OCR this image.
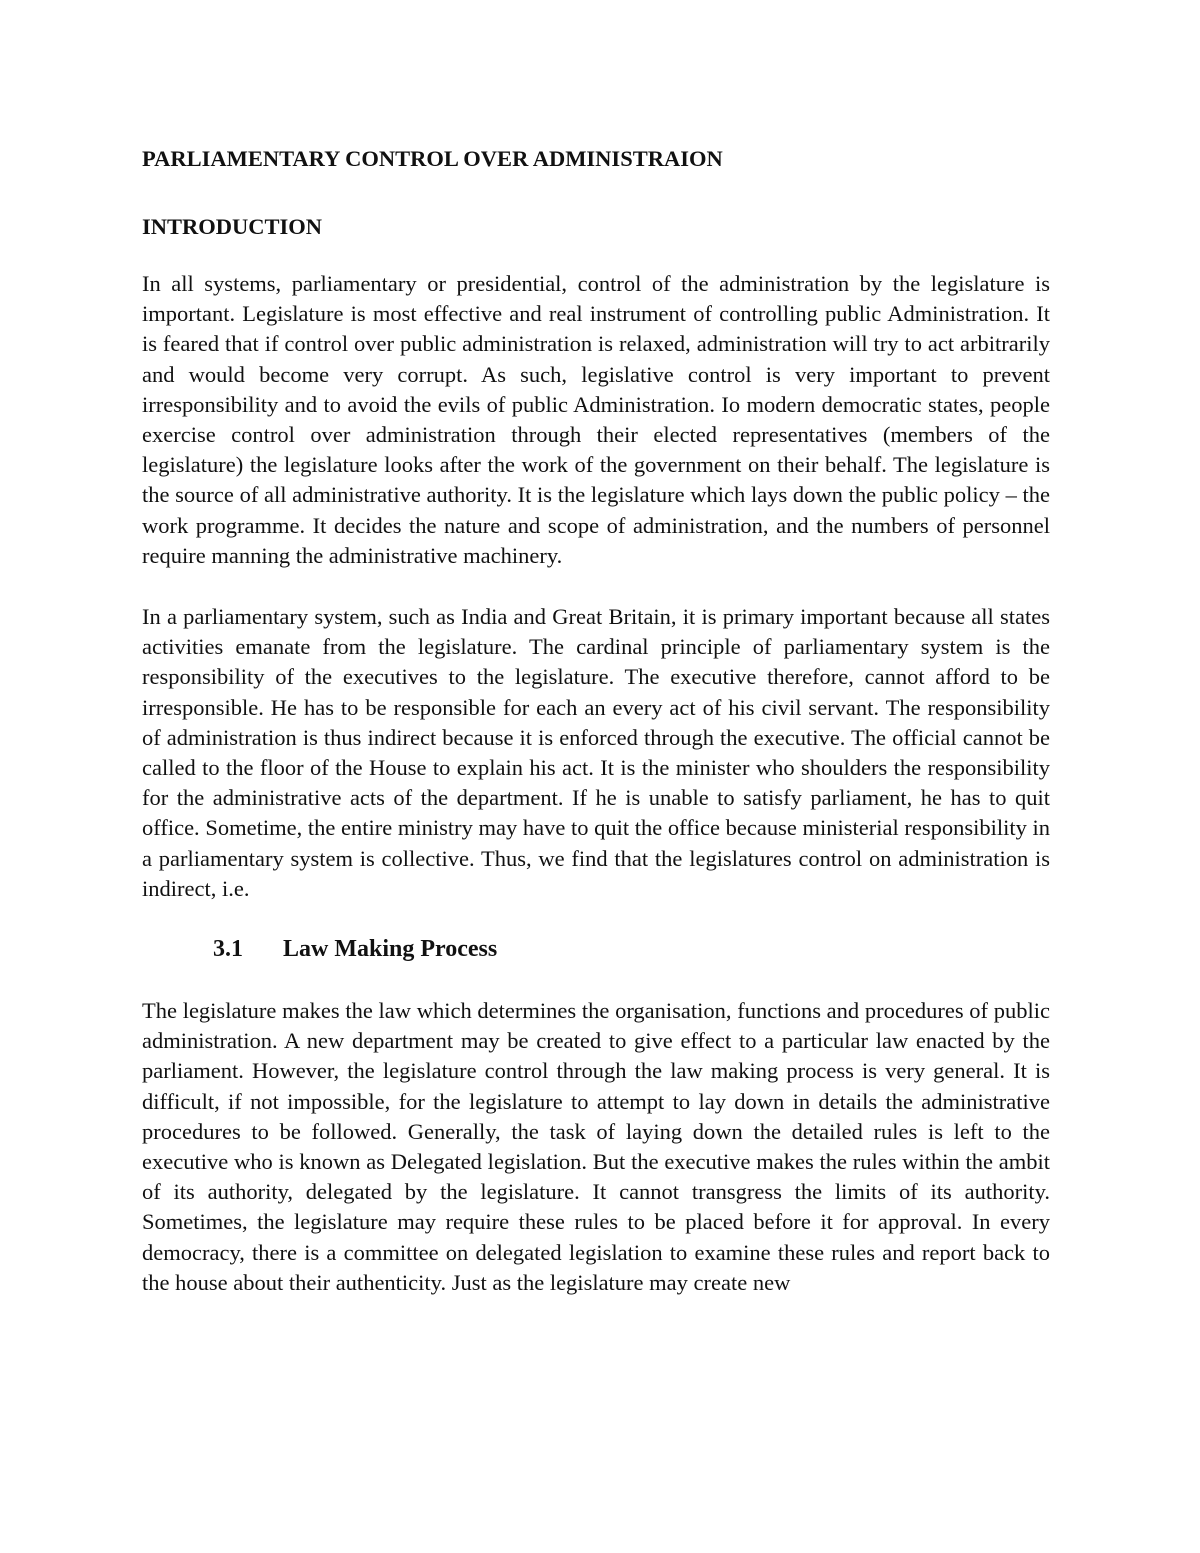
PARLIAMENTARY CONTROL OVER ADMINISTRAION
INTRODUCTION

In all systems, parliamentary or presidential, control of the administration by the legislature is important. Legislature is most effective and real instrument of controlling public Administration. It is feared that if control over public administration is relaxed, administration will try to act arbitrarily and would become very corrupt. As such, legislative control is very important to prevent irresponsibility and to avoid the evils of public Administration. Io modern democratic states, people exercise control over administration through their elected representatives (members of the legislature) the legislature looks after the work of the government on their behalf. The legislature is the source of all administrative authority. It is the legislature which lays down the public policy – the work programme. It decides the nature and scope of administration, and the numbers of personnel require manning the administrative machinery.

In a parliamentary system, such as India and Great Britain, it is primary important because all states activities emanate from the legislature. The cardinal principle of parliamentary system is the responsibility of the executives to the legislature. The executive therefore, cannot afford to be irresponsible. He has to be responsible for each an every act of his civil servant. The responsibility of administration is thus indirect because it is enforced through the executive. The official cannot be called to the floor of the House to explain his act. It is the minister who shoulders the responsibility for the administrative acts of the department. If he is unable to satisfy parliament, he has to quit office. Sometime, the entire ministry may have to quit the office because ministerial responsibility in a parliamentary system is collective. Thus, we find that the legislatures control on administration is indirect, i.e.

3.1 Law Making Process

The legislature makes the law which determines the organisation, functions and procedures of public administration. A new department may be created to give effect to a particular law enacted by the parliament. However, the legislature control through the law making process is very general. It is difficult, if not impossible, for the legislature to attempt to lay down in details the administrative procedures to be followed. Generally, the task of laying down the detailed rules is left to the executive who is known as Delegated legislation. But the executive makes the rules within the ambit of its authority, delegated by the legislature. It cannot transgress the limits of its authority. Sometimes, the legislature may require these rules to be placed before it for approval. In every democracy, there is a committee on delegated legislation to examine these rules and report back to the house about their authenticity. Just as the legislature may create new
